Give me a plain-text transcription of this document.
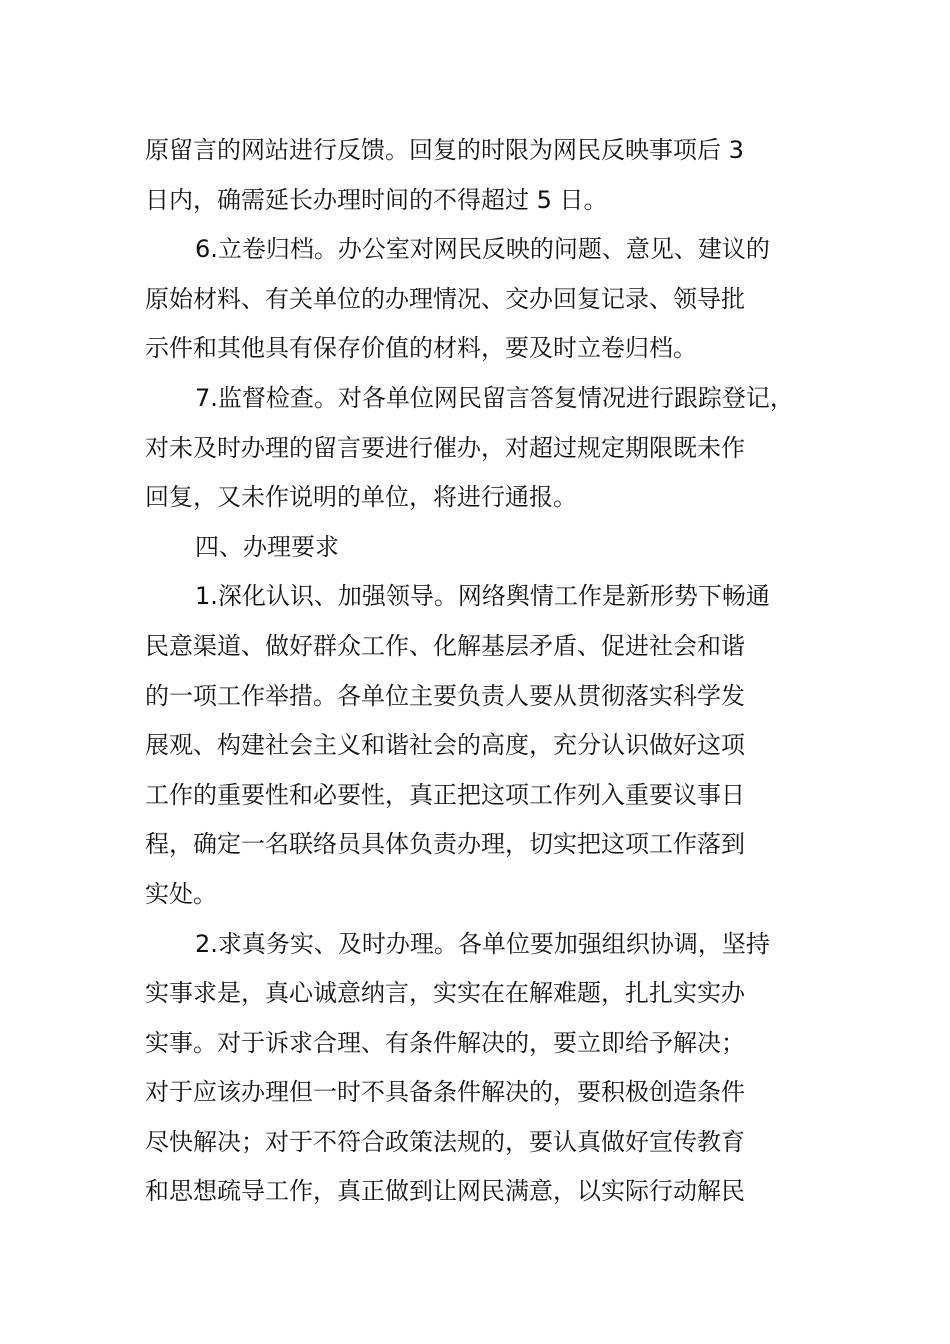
原留言的网站进行反馈。回复的时限为网民反映事项后 3
日内，确需延长办理时间的不得超过 5 日。
6.立卷归档。办公室对网民反映的问题、意见、建议的
原始材料、有关单位的办理情况、交办回复记录、领导批
示件和其他具有保存价值的材料，要及时立卷归档。
7.监督检查。对各单位网民留言答复情况进行跟踪登记，
对未及时办理的留言要进行催办，对超过规定期限既未作
回复，又未作说明的单位，将进行通报。
四、办理要求
1.深化认识、加强领导。网络舆情工作是新形势下畅通
民意渠道、做好群众工作、化解基层矛盾、促进社会和谐
的一项工作举措。各单位主要负责人要从贯彻落实科学发
展观、构建社会主义和谐社会的高度，充分认识做好这项
工作的重要性和必要性，真正把这项工作列入重要议事日
程，确定一名联络员具体负责办理，切实把这项工作落到
实处。
2.求真务实、及时办理。各单位要加强组织协调，坚持
实事求是，真心诚意纳言，实实在在解难题，扎扎实实办
实事。对于诉求合理、有条件解决的，要立即给予解决；
对于应该办理但一时不具备条件解决的，要积极创造条件
尽快解决；对于不符合政策法规的，要认真做好宣传教育
和思想疏导工作，真正做到让网民满意，以实际行动解民
